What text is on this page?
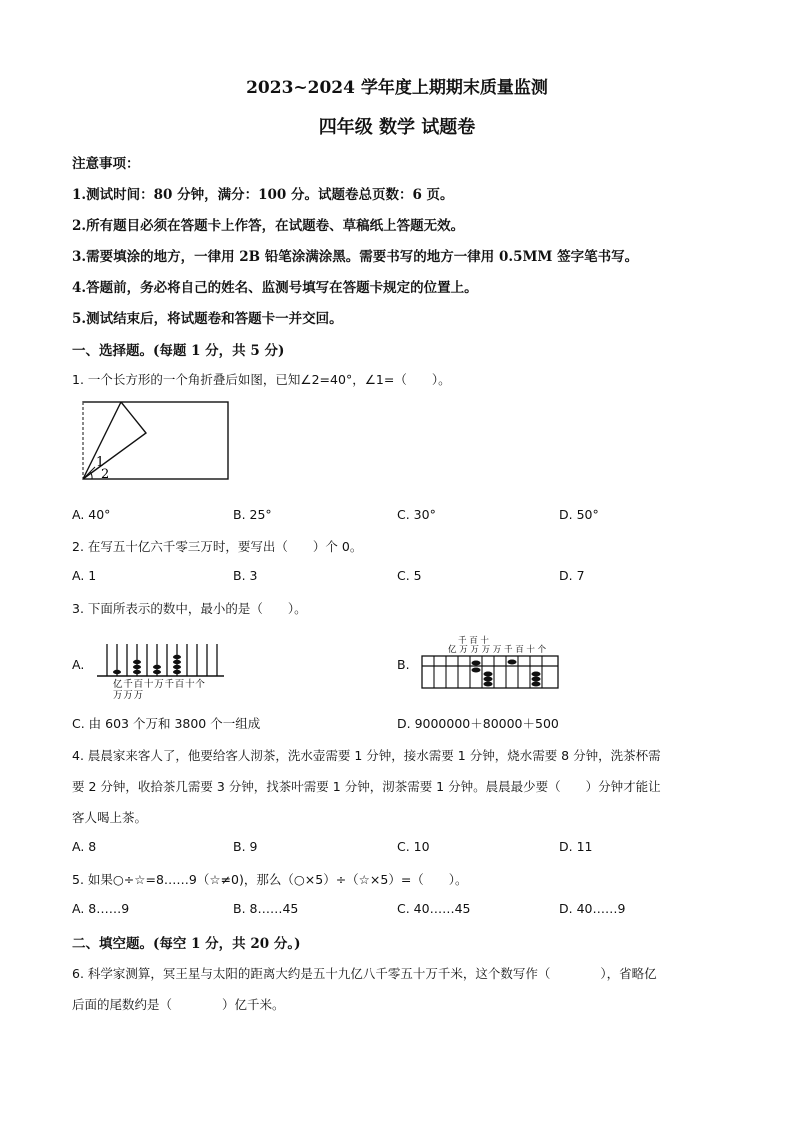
2023~2024 学年度上期期末质量监测
四年级 数学 试题卷
注意事项：
1.测试时间：80 分钟，满分：100 分。试题卷总页数：6 页。
2.所有题目必须在答题卡上作答，在试题卷、草稿纸上答题无效。
3.需要填涂的地方，一律用 2B 铅笔涂满涂黑。需要书写的地方一律用 0.5MM 签字笔书写。
4.答题前，务必将自己的姓名、监测号填写在答题卡规定的位置上。
5.测试结束后，将试题卷和答题卡一并交回。
一、选择题。(每题 1 分，共 5 分)
1. 一个长方形的一个角折叠后如图，已知∠2=40°，∠1=（　　）。
1
2
A. 40°	B. 25°	C. 30°	D. 50°
2. 在写五十亿六千零三万时，要写出（　　）个 0。
A. 1	B. 3	C. 5	D. 7
3. 下面所表示的数中，最小的是（　　）。
A.
亿千百十万千百十个
万万万
B.
千 百 十
亿 万 万 万 万 千 百 十 个
C. 由 603 个万和 3800 个一组成	D. 9000000＋80000＋500
4. 晨晨家来客人了，他要给客人沏茶，洗水壶需要 1 分钟，接水需要 1 分钟，烧水需要 8 分钟，洗茶杯需
要 2 分钟，收拾茶几需要 3 分钟，找茶叶需要 1 分钟，沏茶需要 1 分钟。晨晨最少要（　　）分钟才能让
客人喝上茶。
A. 8	B. 9	C. 10	D. 11
5. 如果○÷☆=8……9（☆≠0)，那么（○×5）÷（☆×5）=（　　）。
A. 8……9	B. 8……45	C. 40……45	D. 40……9
二、填空题。(每空 1 分，共 20 分。)
6. 科学家测算，冥王星与太阳的距离大约是五十九亿八千零五十万千米，这个数写作（　　　　），省略亿
后面的尾数约是（　　　　）亿千米。
